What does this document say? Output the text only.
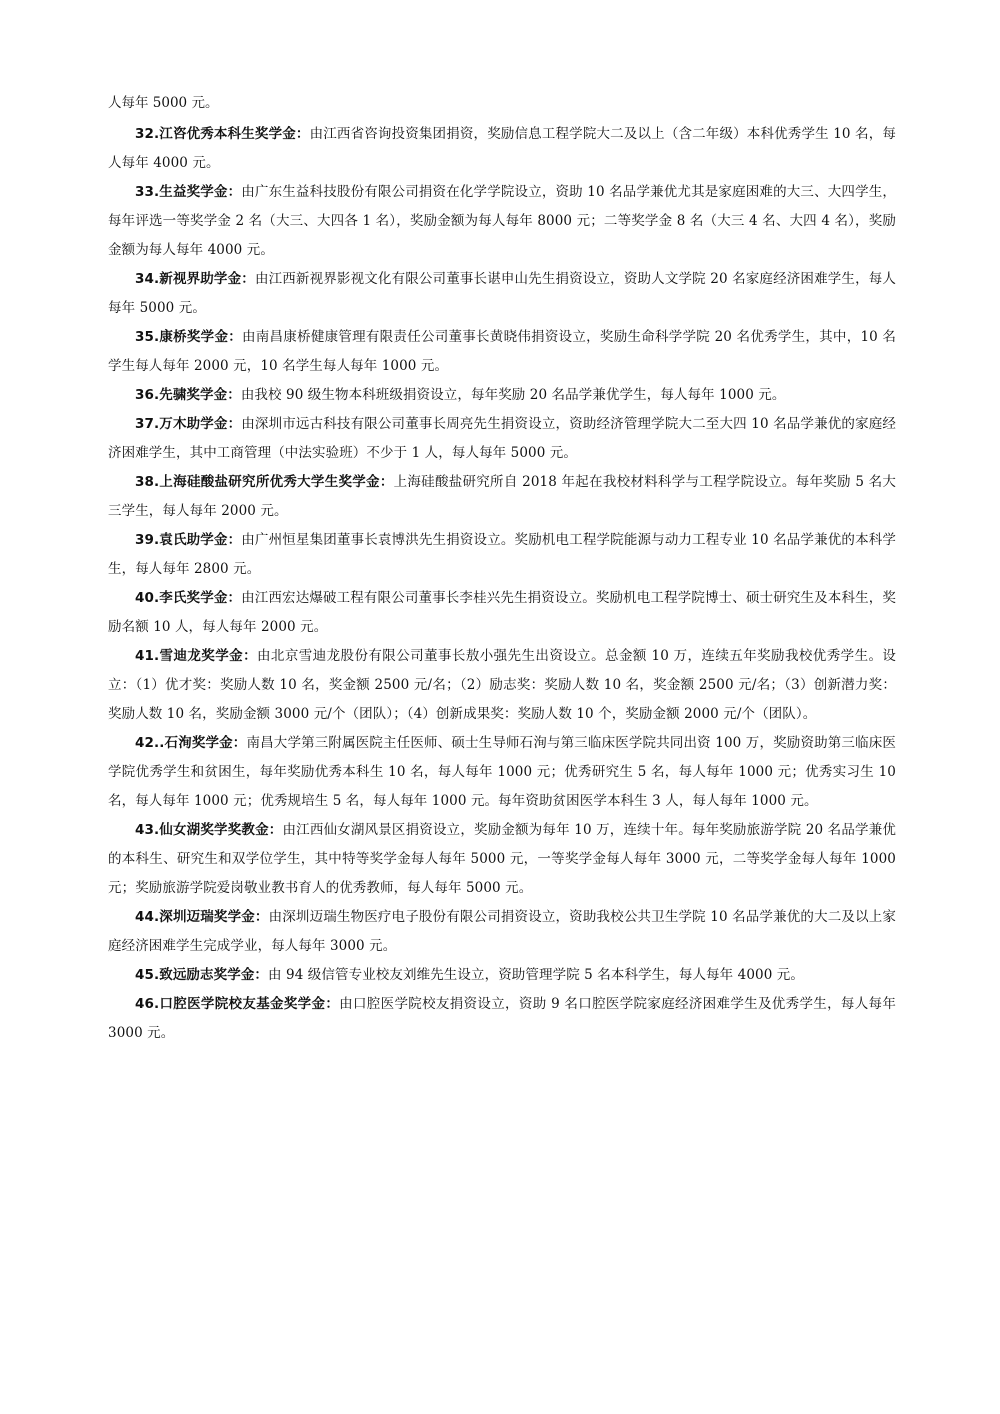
人每年 5000 元。

32.江咨优秀本科生奖学金：由江西省咨询投资集团捐资，奖励信息工程学院大二及以上（含二年级）本科优秀学生 10 名，每人每年 4000 元。

33.生益奖学金：由广东生益科技股份有限公司捐资在化学学院设立，资助 10 名品学兼优尤其是家庭困难的大三、大四学生，每年评选一等奖学金 2 名（大三、大四各 1 名），奖励金额为每人每年 8000 元；二等奖学金 8 名（大三 4 名、大四 4 名），奖励金额为每人每年 4000 元。

34.新视界助学金：由江西新视界影视文化有限公司董事长谌申山先生捐资设立，资助人文学院 20 名家庭经济困难学生，每人每年 5000 元。

35.康桥奖学金：由南昌康桥健康管理有限责任公司董事长黄晓伟捐资设立，奖励生命科学学院 20 名优秀学生，其中，10 名学生每人每年 2000 元，10 名学生每人每年 1000 元。

36.先骕奖学金：由我校 90 级生物本科班级捐资设立，每年奖励 20 名品学兼优学生，每人每年 1000 元。

37.万木助学金：由深圳市远古科技有限公司董事长周亮先生捐资设立，资助经济管理学院大二至大四 10 名品学兼优的家庭经济困难学生，其中工商管理（中法实验班）不少于 1 人，每人每年 5000 元。

38.上海硅酸盐研究所优秀大学生奖学金：上海硅酸盐研究所自 2018 年起在我校材料科学与工程学院设立。每年奖励 5 名大三学生，每人每年 2000 元。

39.袁氏助学金：由广州恒星集团董事长袁博洪先生捐资设立。奖励机电工程学院能源与动力工程专业 10 名品学兼优的本科学生，每人每年 2800 元。

40.李氏奖学金：由江西宏达爆破工程有限公司董事长李桂兴先生捐资设立。奖励机电工程学院博士、硕士研究生及本科生，奖励名额 10 人，每人每年 2000 元。

41.雪迪龙奖学金：由北京雪迪龙股份有限公司董事长敖小强先生出资设立。总金额 10 万，连续五年奖励我校优秀学生。设立：（1）优才奖：奖励人数 10 名，奖金额 2500 元/名；（2）励志奖：奖励人数 10 名，奖金额 2500 元/名；（3）创新潜力奖：奖励人数 10 名，奖励金额 3000 元/个（团队）；（4）创新成果奖：奖励人数 10 个，奖励金额 2000 元/个（团队）。

42..石洵奖学金：南昌大学第三附属医院主任医师、硕士生导师石洵与第三临床医学院共同出资 100 万，奖励资助第三临床医学院优秀学生和贫困生，每年奖励优秀本科生 10 名，每人每年 1000 元；优秀研究生 5 名，每人每年 1000 元；优秀实习生 10 名，每人每年 1000 元；优秀规培生 5 名，每人每年 1000 元。每年资助贫困医学本科生 3 人，每人每年 1000 元。

43.仙女湖奖学奖教金：由江西仙女湖风景区捐资设立，奖励金额为每年 10 万，连续十年。每年奖励旅游学院 20 名品学兼优的本科生、研究生和双学位学生，其中特等奖学金每人每年 5000 元，一等奖学金每人每年 3000 元，二等奖学金每人每年 1000 元；奖励旅游学院爱岗敬业教书育人的优秀教师，每人每年 5000 元。

44.深圳迈瑞奖学金：由深圳迈瑞生物医疗电子股份有限公司捐资设立，资助我校公共卫生学院 10 名品学兼优的大二及以上家庭经济困难学生完成学业，每人每年 3000 元。

45.致远励志奖学金：由 94 级信管专业校友刘维先生设立，资助管理学院 5 名本科学生，每人每年 4000 元。

46.口腔医学院校友基金奖学金：由口腔医学院校友捐资设立，资助 9 名口腔医学院家庭经济困难学生及优秀学生，每人每年 3000 元。
